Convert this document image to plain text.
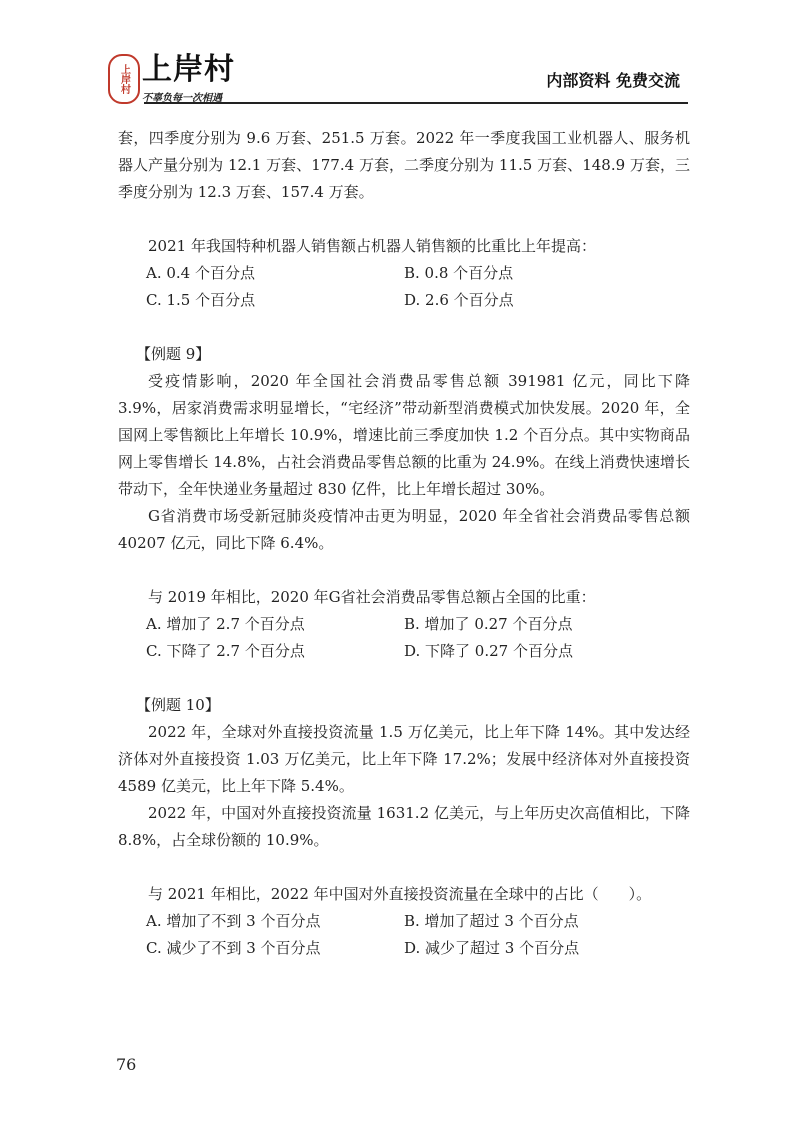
上岸村 上岸村
不辜负每一次相遇
内部资料 免费交流

套，四季度分别为 9.6 万套、251.5 万套。2022 年一季度我国工业机器人、服务机器人产量分别为 12.1 万套、177.4 万套，二季度分别为 11.5 万套、148.9 万套，三季度分别为 12.3 万套、157.4 万套。

2021 年我国特种机器人销售额占机器人销售额的比重比上年提高：

A. 0.4 个百分点	B. 0.8 个百分点
C. 1.5 个百分点	D. 2.6 个百分点
【例题 9】

受疫情影响，2020 年全国社会消费品零售总额 391981 亿元，同比下降 3.9%，居家消费需求明显增长，“宅经济”带动新型消费模式加快发展。2020 年，全国网上零售额比上年增长 10.9%，增速比前三季度加快 1.2 个百分点。其中实物商品网上零售增长 14.8%，占社会消费品零售总额的比重为 24.9%。在线上消费快速增长带动下，全年快递业务量超过 830 亿件，比上年增长超过 30%。

G省消费市场受新冠肺炎疫情冲击更为明显，2020 年全省社会消费品零售总额 40207 亿元，同比下降 6.4%。

与 2019 年相比，2020 年G省社会消费品零售总额占全国的比重：

A. 增加了 2.7 个百分点	B. 增加了 0.27 个百分点
C. 下降了 2.7 个百分点	D. 下降了 0.27 个百分点
【例题 10】

2022 年，全球对外直接投资流量 1.5 万亿美元，比上年下降 14%。其中发达经济体对外直接投资 1.03 万亿美元，比上年下降 17.2%；发展中经济体对外直接投资 4589 亿美元，比上年下降 5.4%。

2022 年，中国对外直接投资流量 1631.2 亿美元，与上年历史次高值相比，下降 8.8%，占全球份额的 10.9%。

与 2021 年相比，2022 年中国对外直接投资流量在全球中的占比（　　）。

A. 增加了不到 3 个百分点	B. 增加了超过 3 个百分点
C. 减少了不到 3 个百分点	D. 减少了超过 3 个百分点
76
